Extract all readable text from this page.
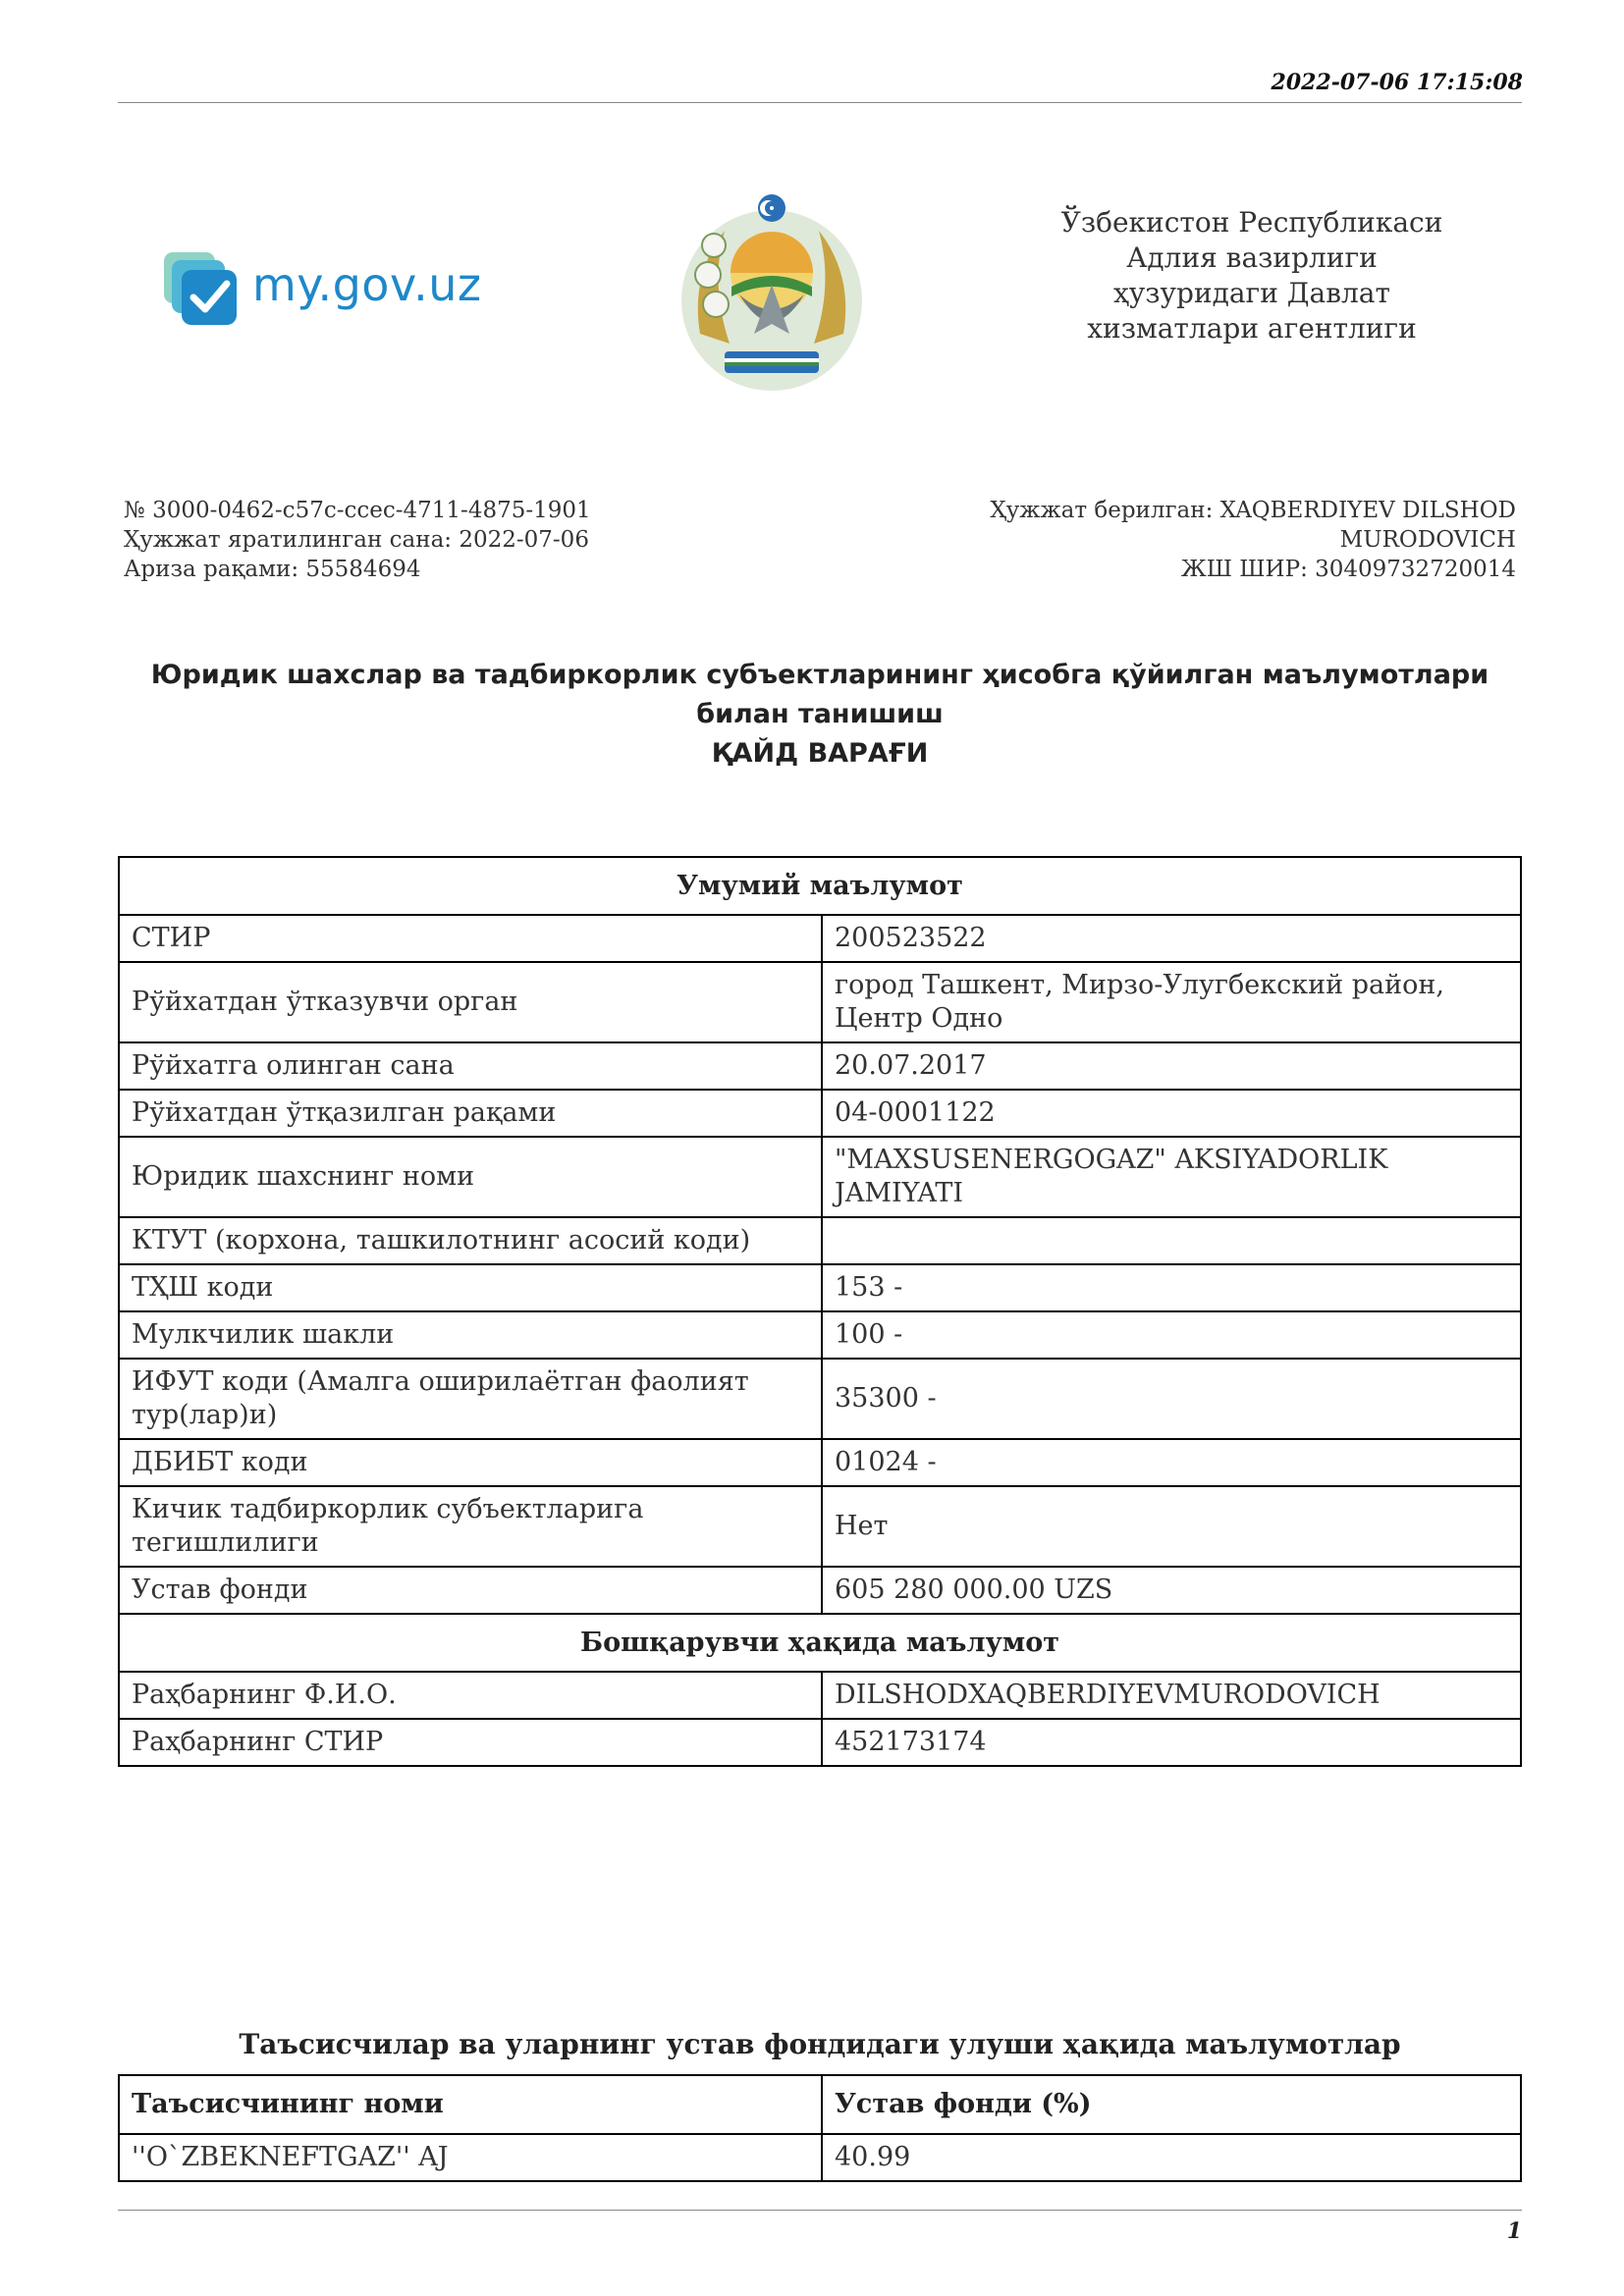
2022-07-06 17:15:08
my.gov.uz
Ўзбекистон Республикаси
Адлия вазирлиги
ҳузуридаги Давлат
хизматлари агентлиги
№ 3000-0462-c57c-ccec-4711-4875-1901
Ҳужжат яратилинган сана: 2022-07-06
Ариза рақами: 55584694
Ҳужжат берилган: XAQBERDIYEV DILSHOD
MURODOVICH
ЖШ ШИР: 30409732720014
Юридик шахслар ва тадбиркорлик субъектларининг ҳисобга қўйилган маълумотлари
билан танишиш
ҚАЙД ВАРАҒИ
Умумий маълумот	
СТИР	200523522
Рўйхатдан ўтказувчи орган	город Ташкент, Мирзо-Улугбекский район, Центр Одно
Рўйхатга олинган сана	20.07.2017
Рўйхатдан ўтқазилган рақами	04-0001122
Юридик шахснинг номи	"MAXSUSENERGOGAZ" AKSIYADORLIK JAMIYATI
КТУТ (корхона, ташкилотнинг асосий коди)	
ТҲШ коди	153 -
Мулкчилик шакли	100 -
ИФУТ коди (Амалга оширилаётган фаолият тур(лар)и)	35300 -
ДБИБТ коди	01024 -
Кичик тадбиркорлик субъектларига тегишлилиги	Нет
Устав фонди	605 280 000.00 UZS
Бошқарувчи ҳақида маълумот	
Раҳбарнинг Ф.И.О.	DILSHODXAQBERDIYEVMURODOVICH
Раҳбарнинг СТИР	452173174
Таъсисчилар ва уларнинг устав фондидаги улуши ҳақида маълумотлар
Таъсисчининг номи	Устав фонди (%)
''O`ZBEKNEFTGAZ'' AJ	40.99
1
